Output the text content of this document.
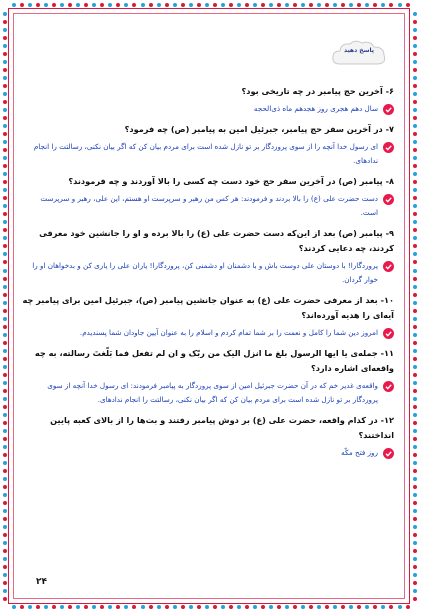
پاسخ دهید
۶- آخرین حج پیامبر در چه تاریخی بود؟
سال دهم هجری روز هجدهم ماه ذی‌الحجه
۷- در آخرین سفر حج پیامبر، جبرئیل امین به پیامبر (ص) چه فرمود؟
ای رسول خدا آنچه را از سوی پروردگار بر تو نازل شده است برای مردم بیان کن که اگر بیان نکنی، رسالتت را انجام ندادهای.
۸- پیامبر (ص) در آخرین سفر حج خود دست چه کسی را بالا آوردند و چه فرمودند؟
دست حضرت علی (ع) را بالا بردند و فرمودند: هر کس من رهبر و سرپرست او هستم، این علی، رهبر و سرپرست است.
۹- پیامبر (ص) بعد از این‌که دست حضرت علی (ع) را بالا برده و او را جانشین خود معرفی کردند، چه دعایی کردند؟
پروردگارا! با دوستان علی دوست باش و با دشمنان او دشمنی کن، پروردگارا! یاران علی را یاری کن و بدخواهان او را خوار گردان.
۱۰- بعد از معرفی حضرت علی (ع) به عنوان جانشین پیامبر (ص)، جبرئیل امین برای پیامبر چه آیه‌ای را هدیه آورده‌اند؟
امروز دین شما را کامل و نعمت را بر شما تمام کردم و اسلام را به عنوان آیین جاودان شما پسندیدم.
۱۱- جمله‌ی یا ایها الرسول بلغ ما انزل الیک من ربّک و ان لم تفعل فما بَلّغتَ رسالته، به چه واقعه‌ای اشاره دارد؟
واقعه‌ی غدیر خم که در آن حضرت جبرئیل امین از سوی پروردگار به پیامبر فرمودند: ای رسول خدا آنچه از سوی پروردگار بر تو نازل شده است برای مردم بیان کن که اگر بیان نکنی، رسالتت را انجام ندادهای.
۱۲- در کدام واقعه، حضرت علی (ع) بر دوش پیامبر رفتند و بت‌ها را از بالای کعبه پایین انداختند؟
روز فتح مکّه
۲۴
